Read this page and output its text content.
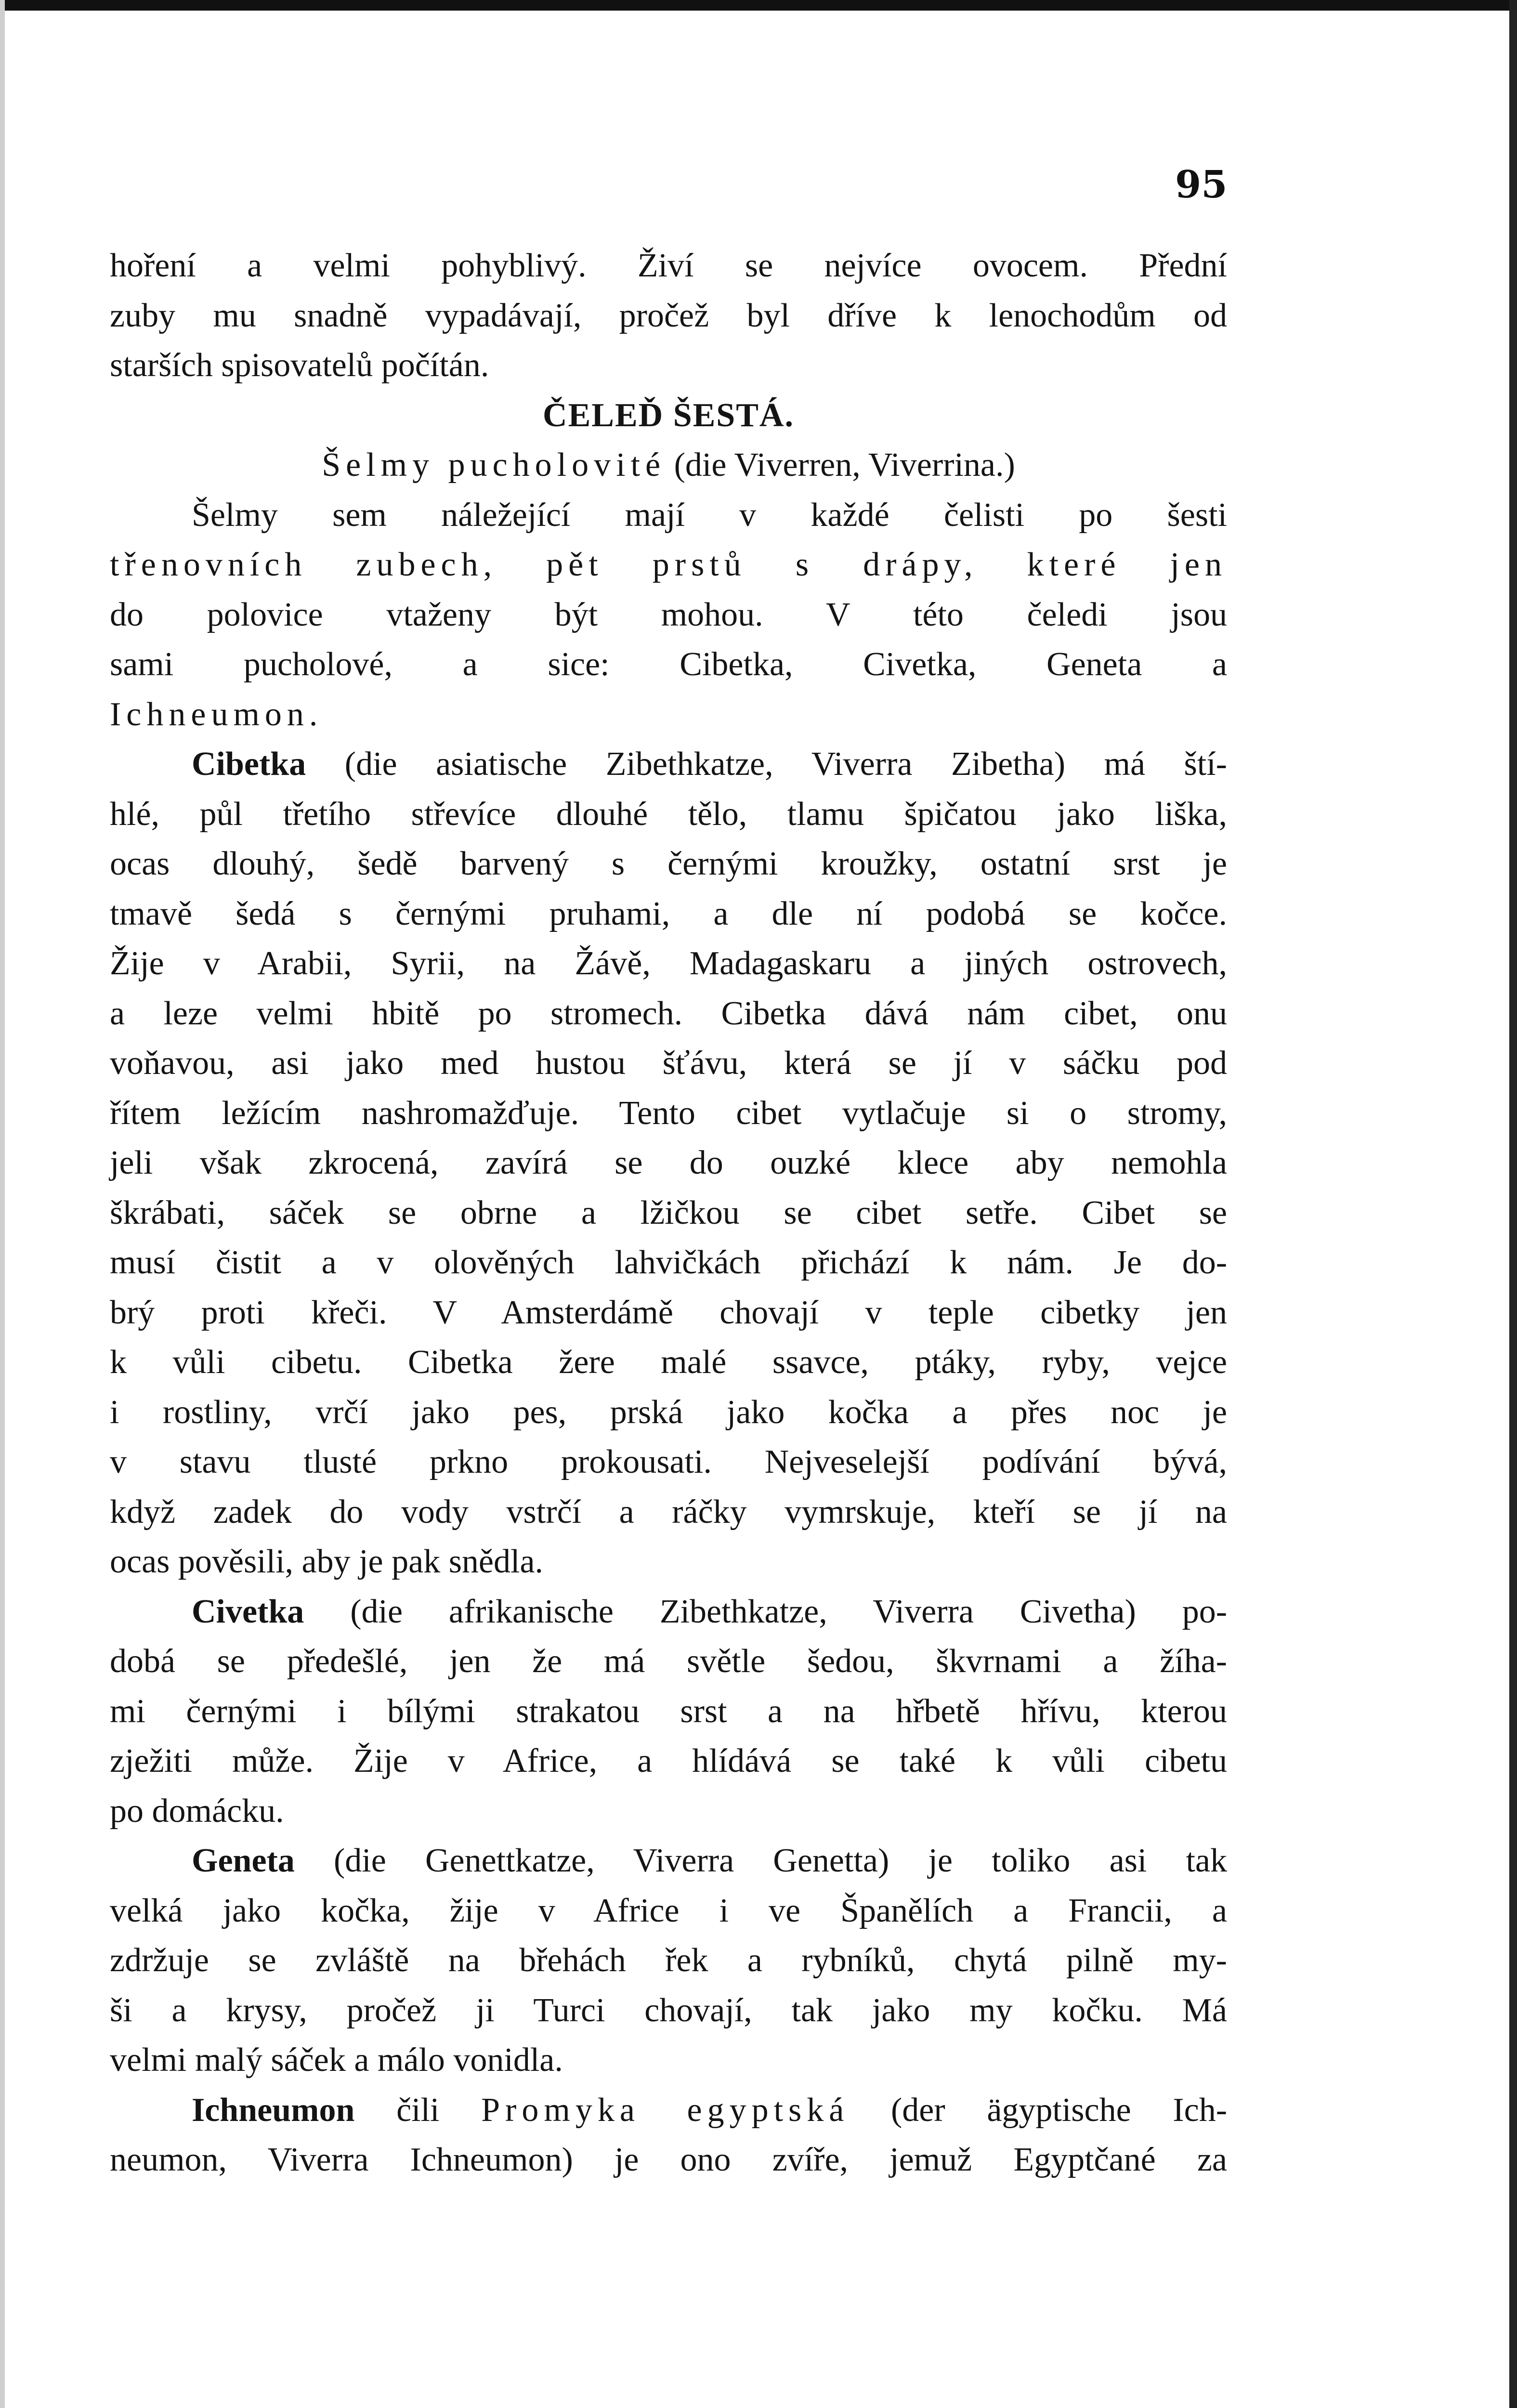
95
hoření a velmi pohyblivý. Živí se nejvíce ovocem. Přední
zuby mu snadně vypadávají, pročež byl dříve k lenochodům od
starších spisovatelů počítán.
ČELEĎ ŠESTÁ.
Šelmy pucholovité (die Viverren, Viverrina.)
Šelmy sem náležející mají v každé čelisti po šesti
třenovních zubech, pět prstů s drápy, které jen
do polovice vtaženy být mohou. V této čeledi jsou
sami pucholové, a sice: Cibetka, Civetka, Geneta a
Ichneumon.
Cibetka (die asiatische Zibethkatze, Viverra Zibetha) má ští-
hlé, půl třetího střevíce dlouhé tělo, tlamu špičatou jako liška,
ocas dlouhý, šedě barvený s černými kroužky, ostatní srst je
tmavě šedá s černými pruhami, a dle ní podobá se kočce.
Žije v Arabii, Syrii, na Žávě, Madagaskaru a jiných ostrovech,
a leze velmi hbitě po stromech. Cibetka dává nám cibet, onu
voňavou, asi jako med hustou šťávu, která se jí v sáčku pod
řítem ležícím nashromažďuje. Tento cibet vytlačuje si o stromy,
jeli však zkrocená, zavírá se do ouzké klece aby nemohla
škrábati, sáček se obrne a lžičkou se cibet setře. Cibet se
musí čistit a v olověných lahvičkách přichází k nám. Je do-
brý proti křeči. V Amsterdámě chovají v teple cibetky jen
k vůli cibetu. Cibetka žere malé ssavce, ptáky, ryby, vejce
i rostliny, vrčí jako pes, prská jako kočka a přes noc je
v stavu tlusté prkno prokousati. Nejveselejší podívání bývá,
když zadek do vody vstrčí a ráčky vymrskuje, kteří se jí na
ocas pověsili, aby je pak snědla.
Civetka (die afrikanische Zibethkatze, Viverra Civetha) po-
dobá se předešlé, jen že má světle šedou, škvrnami a žíha-
mi černými i bílými strakatou srst a na hřbetě hřívu, kterou
zježiti může. Žije v Africe, a hlídává se také k vůli cibetu
po domácku.
Geneta (die Genettkatze, Viverra Genetta) je toliko asi tak
velká jako kočka, žije v Africe i ve Španělích a Francii, a
zdržuje se zvláště na břehách řek a rybníků, chytá pilně my-
ši a krysy, pročež ji Turci chovají, tak jako my kočku. Má
velmi malý sáček a málo vonidla.
Ichneumon čili Promyka egyptská (der ägyptische Ich-
neumon, Viverra Ichneumon) je ono zvíře, jemuž Egyptčané za
